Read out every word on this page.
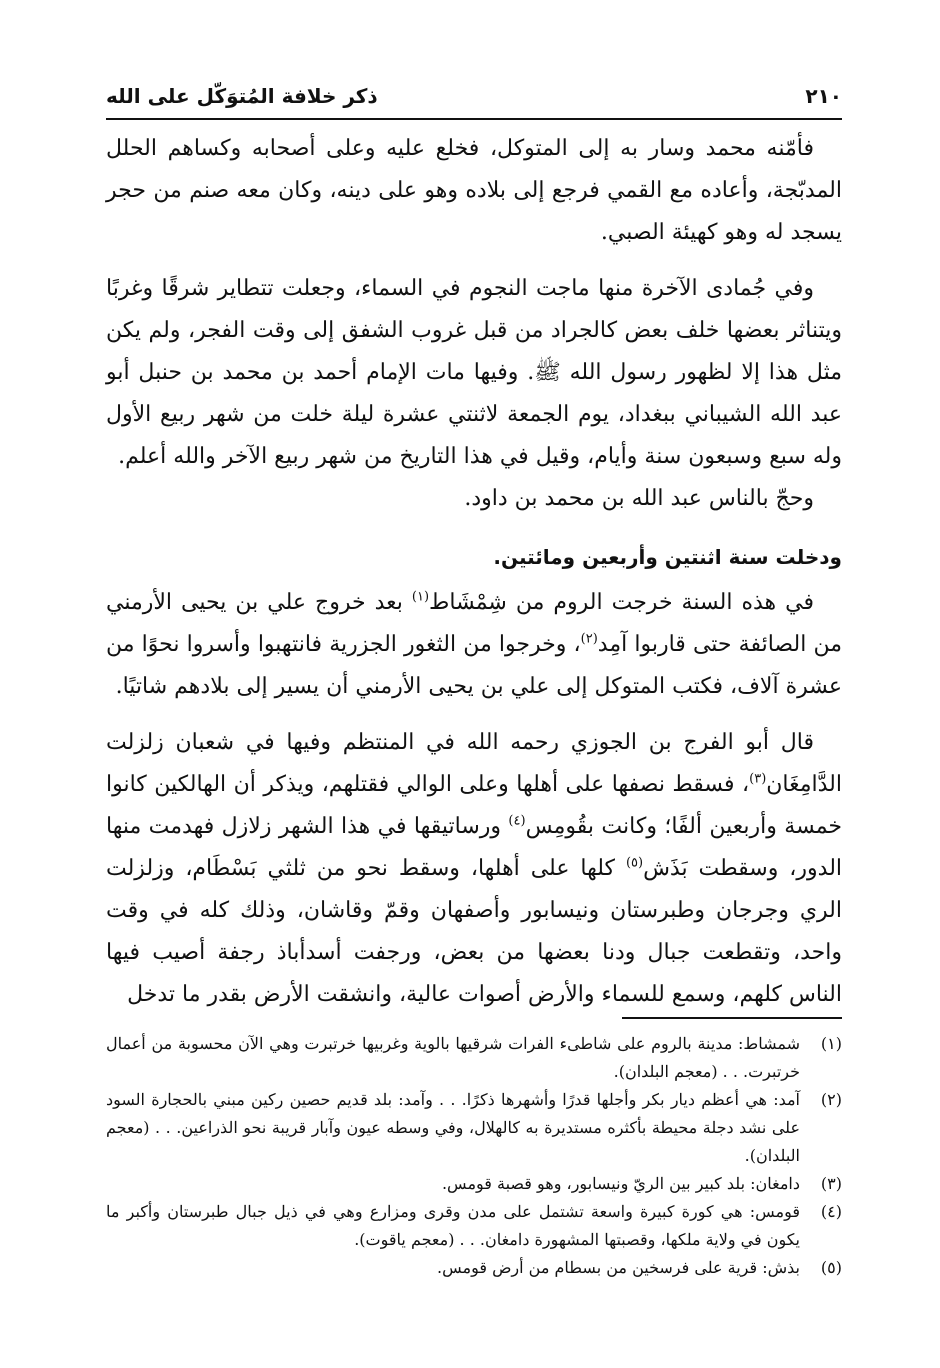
٢١٠
ذكر خلافة المُتوَكّل على الله

فأمّنه محمد وسار به إلى المتوكل، فخلع عليه وعلى أصحابه وكساهم الحلل المدبّجة، وأعاده مع القمي فرجع إلى بلاده وهو على دينه، وكان معه صنم من حجر يسجد له وهو كهيئة الصبي.

وفي جُمادى الآخرة منها ماجت النجوم في السماء، وجعلت تتطاير شرقًا وغربًا ويتناثر بعضها خلف بعض كالجراد من قبل غروب الشفق إلى وقت الفجر، ولم يكن مثل هذا إلا لظهور رسول الله ﷺ. وفيها مات الإمام أحمد بن محمد بن حنبل أبو عبد الله الشيباني ببغداد، يوم الجمعة لاثنتي عشرة ليلة خلت من شهر ربيع الأول وله سبع وسبعون سنة وأيام، وقيل في هذا التاريخ من شهر ربيع الآخر والله أعلم.

وحجّ بالناس عبد الله بن محمد بن داود.

ودخلت سنة اثنتين وأربعين ومائتين.

في هذه السنة خرجت الروم من شِمْشَاط$^{(١)}$ بعد خروج علي بن يحيى الأرمني من الصائفة حتى قاربوا آمِد$^{(٢)}$، وخرجوا من الثغور الجزرية فانتهبوا وأسروا نحوًا من عشرة آلاف، فكتب المتوكل إلى علي بن يحيى الأرمني أن يسير إلى بلادهم شاتيًا.

قال أبو الفرج بن الجوزي رحمه الله في المنتظم وفيها في شعبان زلزلت الدَّامِغَان$^{(٣)}$، فسقط نصفها على أهلها وعلى الوالي فقتلهم، ويذكر أن الهالكين كانوا خمسة وأربعين ألفًا؛ وكانت بقُومِس$^{(٤)}$ ورساتيقها في هذا الشهر زلازل فهدمت منها الدور، وسقطت بَذَش$^{(٥)}$ كلها على أهلها، وسقط نحو من ثلثي بَسْطَام، وزلزلت الري وجرجان وطبرستان ونيسابور وأصفهان وقمّ وقاشان، وذلك كله في وقت واحد، وتقطعت جبال ودنا بعضها من بعض، ورجفت أسدأباذ رجفة أصيب فيها الناس كلهم، وسمع للسماء والأرض أصوات عالية، وانشقت الأرض بقدر ما تدخل

(١)
شمشاط: مدينة بالروم على شاطىء الفرات شرقيها بالوية وغربيها خرتبرت وهي الآن محسوبة من أعمال خرتبرت. . . (معجم البلدان).
(٢)
آمد: هي أعظم ديار بكر وأجلها قدرًا وأشهرها ذكرًا. . . وآمد: بلد قديم حصين ركين مبني بالحجارة السود على نشد دجلة محيطة بأكثره مستديرة به كالهلال، وفي وسطه عيون وآبار قريبة نحو الذراعين. . . (معجم البلدان).
(٣)
دامغان: بلد كبير بين الريّ ونيسابور، وهو قصبة قومس.
(٤)
قومس: هي كورة كبيرة واسعة تشتمل على مدن وقرى ومزارع وهي في ذيل جبال طبرستان وأكبر ما يكون في ولاية ملكها، وقصبتها المشهورة دامغان. . . (معجم ياقوت).
(٥)
بذش: قرية على فرسخين من بسطام من أرض قومس.
